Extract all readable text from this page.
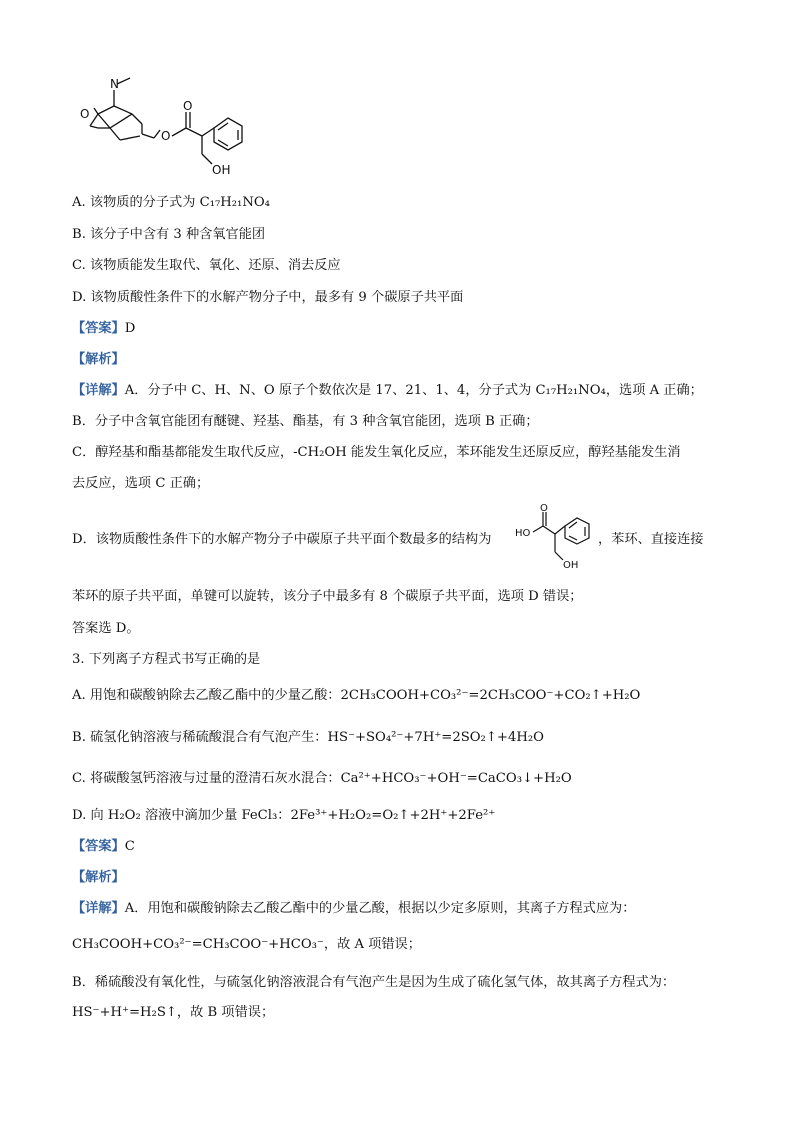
N
O
O
O
OH
A. 该物质的分子式为 C₁₇H₂₁NO₄
B. 该分子中含有 3 种含氧官能团
C. 该物质能发生取代、氧化、还原、消去反应
D. 该物质酸性条件下的水解产物分子中，最多有 9 个碳原子共平面
【答案】D
【解析】
【详解】A．分子中 C、H、N、O 原子个数依次是 17、21、1、4，分子式为 C₁₇H₂₁NO₄，选项 A 正确；
B．分子中含氧官能团有醚键、羟基、酯基，有 3 种含氧官能团，选项 B 正确；
C．醇羟基和酯基都能发生取代反应，-CH₂OH 能发生氧化反应，苯环能发生还原反应，醇羟基能发生消
去反应，选项 C 正确；
D．该物质酸性条件下的水解产物分子中碳原子共平面个数最多的结构为 HO
O
OH
，苯环、直接连接
苯环的原子共平面，单键可以旋转，该分子中最多有 8 个碳原子共平面，选项 D 错误；
答案选 D。
3. 下列离子方程式书写正确的是
A. 用饱和碳酸钠除去乙酸乙酯中的少量乙酸：2CH₃COOH+CO₃²⁻=2CH₃COO⁻+CO₂↑+H₂O
B. 硫氢化钠溶液与稀硫酸混合有气泡产生：HS⁻+SO₄²⁻+7H⁺=2SO₂↑+4H₂O
C. 将碳酸氢钙溶液与过量的澄清石灰水混合：Ca²⁺+HCO₃⁻+OH⁻=CaCO₃↓+H₂O
D. 向 H₂O₂ 溶液中滴加少量 FeCl₃：2Fe³⁺+H₂O₂=O₂↑+2H⁺+2Fe²⁺
【答案】C
【解析】
【详解】A．用饱和碳酸钠除去乙酸乙酯中的少量乙酸，根据以少定多原则，其离子方程式应为：
CH₃COOH+CO₃²⁻=CH₃COO⁻+HCO₃⁻，故 A 项错误；
B．稀硫酸没有氧化性，与硫氢化钠溶液混合有气泡产生是因为生成了硫化氢气体，故其离子方程式为：
HS⁻+H⁺=H₂S↑，故 B 项错误；
